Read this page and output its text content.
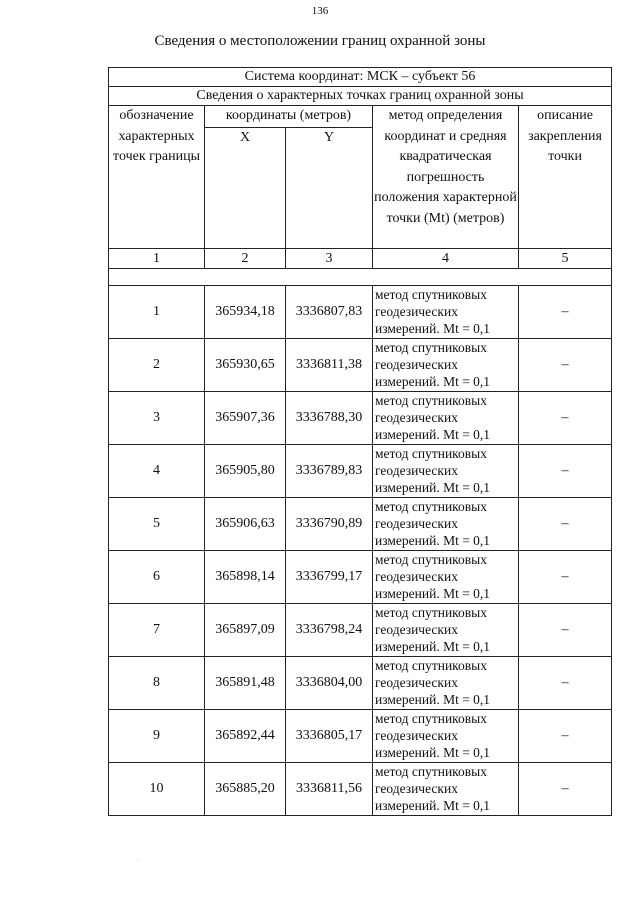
136
Сведения о местоположении границ охранной зоны
Система координат: МСК – субъект 56				
Сведения о характерных точках границ охранной зоны				
обозначение характерных точек границы	координаты (метров)		метод определения координат и средняя квадратическая погрешность положения характерной точки (Mt) (метров)	описание закрепления точки
	X	Y		
1	2	3	4	5

1	365934,18	3336807,83	метод спутниковых геодезических измерений. Mt = 0,1	–
2	365930,65	3336811,38	метод спутниковых геодезических измерений. Mt = 0,1	–
3	365907,36	3336788,30	метод спутниковых геодезических измерений. Mt = 0,1	–
4	365905,80	3336789,83	метод спутниковых геодезических измерений. Mt = 0,1	–
5	365906,63	3336790,89	метод спутниковых геодезических измерений. Mt = 0,1	–
6	365898,14	3336799,17	метод спутниковых геодезических измерений. Mt = 0,1	–
7	365897,09	3336798,24	метод спутниковых геодезических измерений. Mt = 0,1	–
8	365891,48	3336804,00	метод спутниковых геодезических измерений. Mt = 0,1	–
9	365892,44	3336805,17	метод спутниковых геодезических измерений. Mt = 0,1	–
10	365885,20	3336811,56	метод спутниковых геодезических измерений. Mt = 0,1	–
·
